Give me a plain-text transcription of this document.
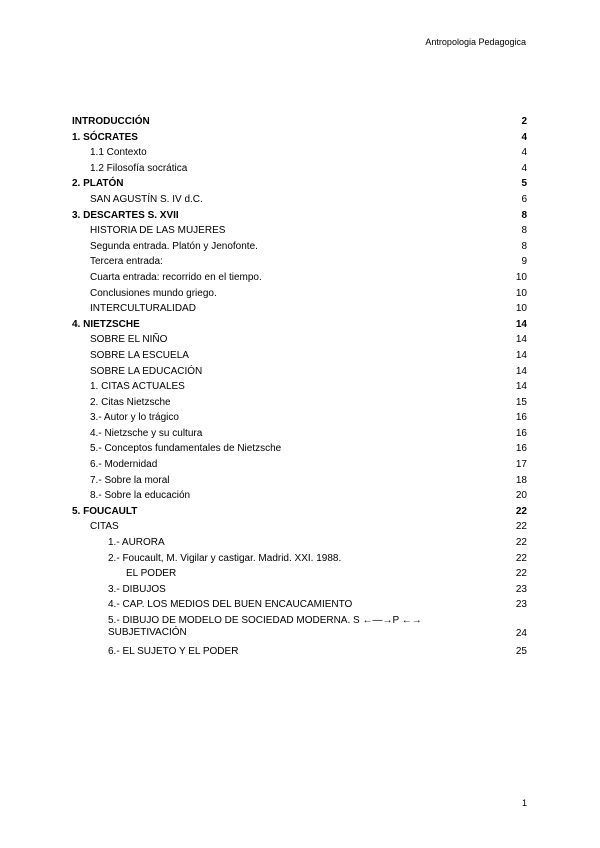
Antropologia Pedagogica
INTRODUCCIÓN	2
1. SÓCRATES	4
1.1 Contexto	4
1.2 Filosofía socrática	4
2. PLATÓN	5
SAN AGUSTÍN S. IV d.C.	6
3. DESCARTES S. XVII	8
HISTORIA DE LAS MUJERES	8
Segunda entrada. Platón y Jenofonte.	8
Tercera entrada:	9
Cuarta entrada: recorrido en el tiempo.	10
Conclusiones mundo griego.	10
INTERCULTURALIDAD	10
4. NIETZSCHE	14
SOBRE EL NIÑO	14
SOBRE LA ESCUELA	14
SOBRE LA EDUCACIÓN	14
1. CITAS ACTUALES	14
2. Citas Nietzsche	15
3.- Autor y lo trágico	16
4.- Nietzsche y su cultura	16
5.- Conceptos fundamentales de Nietzsche	16
6.- Modernidad	17
7.- Sobre la moral	18
8.- Sobre la educación	20
5. FOUCAULT	22
CITAS	22
1.- AURORA	22
2.- Foucault, M. Vigilar y castigar. Madrid. XXI. 1988.	22
EL PODER	22
3.- DIBUJOS	23
4.- CAP. LOS MEDIOS DEL BUEN ENCAUCAMIENTO	23
5.- DIBUJO DE MODELO DE SOCIEDAD MODERNA. S ←—→P ←→ SUBJETIVACIÓN	24
6.- EL SUJETO Y EL PODER	25
1
